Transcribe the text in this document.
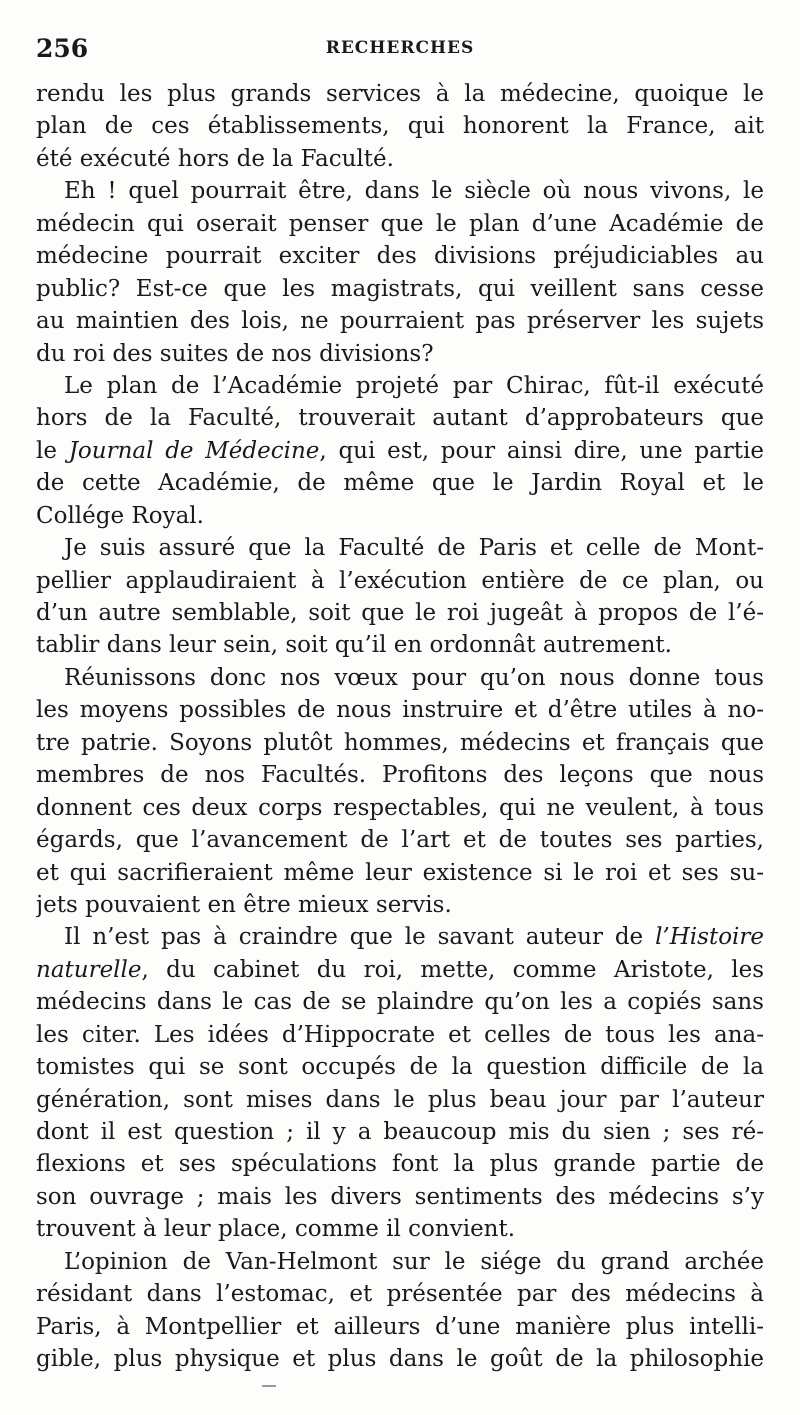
256	RECHERCHES
rendu les plus grands services à la médecine, quoique le
plan de ces établissements, qui honorent la France, ait
été exécuté hors de la Faculté.
Eh ! quel pourrait être, dans le siècle où nous vivons, le
médecin qui oserait penser que le plan d’une Académie de
médecine pourrait exciter des divisions préjudiciables au
public? Est-ce que les magistrats, qui veillent sans cesse
au maintien des lois, ne pourraient pas préserver les sujets
du roi des suites de nos divisions?
Le plan de l’Académie projeté par Chirac, fût-il exécuté
hors de la Faculté, trouverait autant d’approbateurs que
le Journal de Médecine, qui est, pour ainsi dire, une partie
de cette Académie, de même que le Jardin Royal et le
Collége Royal.
Je suis assuré que la Faculté de Paris et celle de Mont-
pellier applaudiraient à l’exécution entière de ce plan, ou
d’un autre semblable, soit que le roi jugeât à propos de l’é-
tablir dans leur sein, soit qu’il en ordonnât autrement.
Réunissons donc nos vœux pour qu’on nous donne tous
les moyens possibles de nous instruire et d’être utiles à no-
tre patrie. Soyons plutôt hommes, médecins et français que
membres de nos Facultés. Profitons des leçons que nous
donnent ces deux corps respectables, qui ne veulent, à tous
égards, que l’avancement de l’art et de toutes ses parties,
et qui sacrifieraient même leur existence si le roi et ses su-
jets pouvaient en être mieux servis.
Il n’est pas à craindre que le savant auteur de l’Histoire
naturelle, du cabinet du roi, mette, comme Aristote, les
médecins dans le cas de se plaindre qu’on les a copiés sans
les citer. Les idées d’Hippocrate et celles de tous les ana-
tomistes qui se sont occupés de la question difficile de la
génération, sont mises dans le plus beau jour par l’auteur
dont il est question ; il y a beaucoup mis du sien ; ses ré-
flexions et ses spéculations font la plus grande partie de
son ouvrage ; mais les divers sentiments des médecins s’y
trouvent à leur place, comme il convient.
L’opinion de Van-Helmont sur le siége du grand archée
résidant dans l’estomac, et présentée par des médecins à
Paris, à Montpellier et ailleurs d’une manière plus intelli-
gible, plus physique et plus dans le goût de la philosophie
